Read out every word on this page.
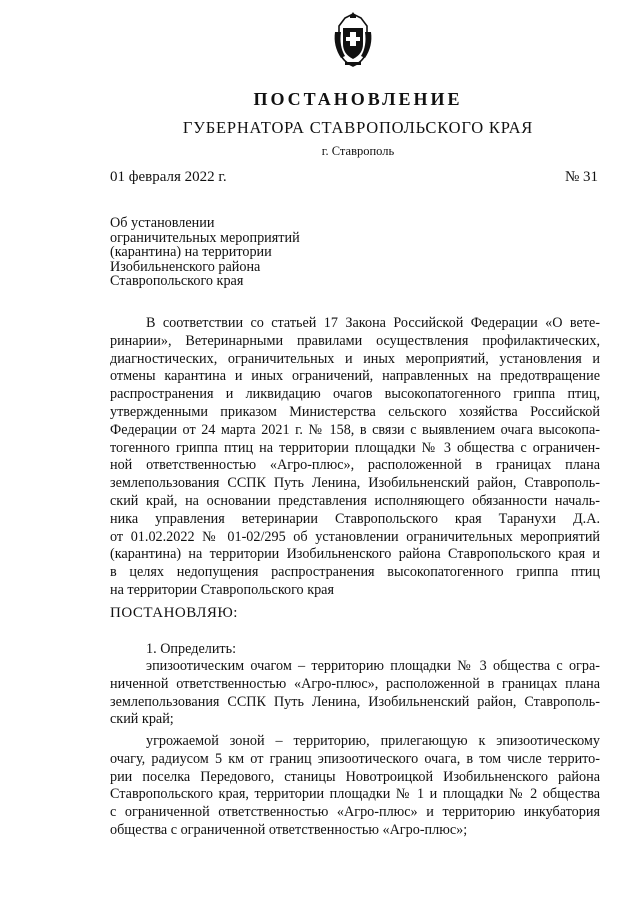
ПОСТАНОВЛЕНИЕ
ГУБЕРНАТОРА СТАВРОПОЛЬСКОГО КРАЯ
г. Ставрополь
01 февраля 2022 г.	№ 31
Об установлении
ограничительных мероприятий
(карантина) на территории
Изобильненского района
Ставропольского края
В соответствии со статьей 17 Закона Российской Федерации «О вете-
ринарии», Ветеринарными правилами осуществления профилактических,
диагностических, ограничительных и иных мероприятий, установления и
отмены карантина и иных ограничений, направленных на предотвращение
распространения и ликвидацию очагов высокопатогенного гриппа птиц,
утвержденными приказом Министерства сельского хозяйства Российской
Федерации от 24 марта 2021 г. № 158, в связи с выявлением очага высокопа-
тогенного гриппа птиц на территории площадки № 3 общества с ограничен-
ной ответственностью «Агро-плюс», расположенной в границах плана
землепользования ССПК Путь Ленина, Изобильненский район, Ставрополь-
ский край, на основании представления исполняющего обязанности началь-
ника управления ветеринарии Ставропольского края Таранухи Д.А.
от 01.02.2022 № 01-02/295 об установлении ограничительных мероприятий
(карантина) на территории Изобильненского района Ставропольского края и
в целях недопущения распространения высокопатогенного гриппа птиц
на территории Ставропольского края
ПОСТАНОВЛЯЮ:
1. Определить:
эпизоотическим очагом – территорию площадки № 3 общества с огра-
ниченной ответственностью «Агро-плюс», расположенной в границах плана
землепользования ССПК Путь Ленина, Изобильненский район, Ставрополь-
ский край;
угрожаемой зоной – территорию, прилегающую к эпизоотическому
очагу, радиусом 5 км от границ эпизоотического очага, в том числе террито-
рии поселка Передового, станицы Новотроицкой Изобильненского района
Ставропольского края, территории площадки № 1 и площадки № 2 общества
с ограниченной ответственностью «Агро-плюс» и территорию инкубатория
общества с ограниченной ответственностью «Агро-плюс»;
